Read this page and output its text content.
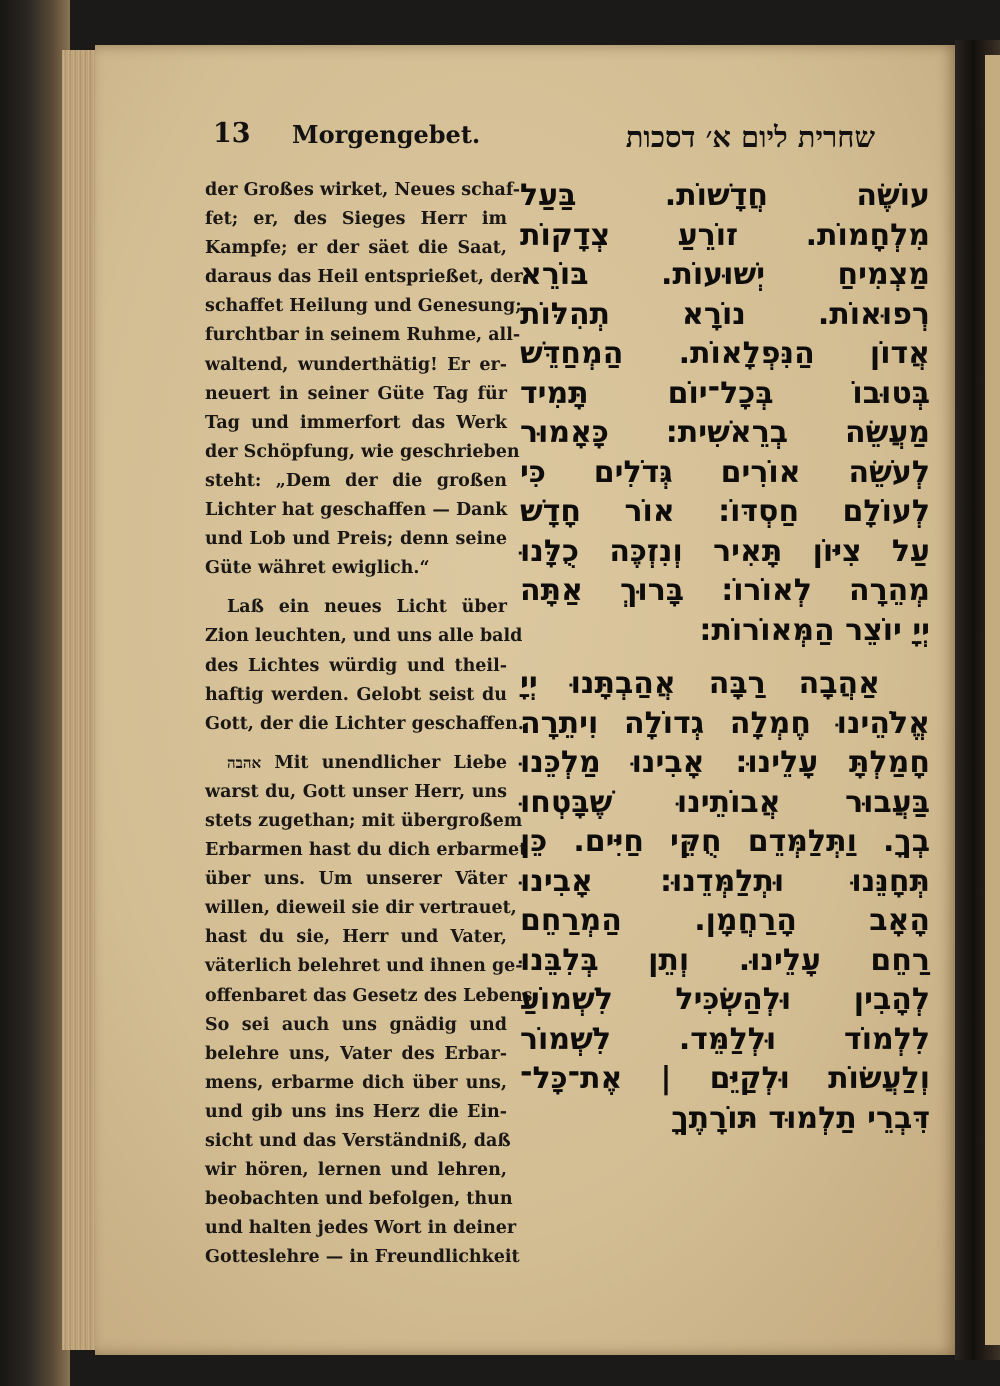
13 Morgengebet.	שחרית ליום א׳ דסכות
der Großes wirket, Neues schaf-
fet; er, des Sieges Herr im
Kampfe; er der säet die Saat,
daraus das Heil entsprießet, der
schaffet Heilung und Genesung;
furchtbar in seinem Ruhme, all-
waltend, wunderthätig! Er er-
neuert in seiner Güte Tag für
Tag und immerfort das Werk
der Schöpfung, wie geschrieben
steht: „Dem der die großen
Lichter hat geschaffen — Dank
und Lob und Preis; denn seine
Güte währet ewiglich.“
Laß ein neues Licht über
Zion leuchten, und uns alle bald
des Lichtes würdig und theil-
haftig werden. Gelobt seist du
Gott, der die Lichter geschaffen.
אהבה Mit unendlicher Liebe
warst du, Gott unser Herr, uns
stets zugethan; mit übergroßem
Erbarmen hast du dich erbarmet
über uns. Um unserer Väter
willen, dieweil sie dir vertrauet,
hast du sie, Herr und Vater,
väterlich belehret und ihnen ge-
offenbaret das Gesetz des Lebens.
So sei auch uns gnädig und
belehre uns, Vater des Erbar-
mens, erbarme dich über uns,
und gib uns ins Herz die Ein-
sicht und das Verständniß, daß
wir hören, lernen und lehren,
beobachten und befolgen, thun
und halten jedes Wort in deiner
Gotteslehre — in Freundlichkeit
עוֹשֶׂה חֲדָשׁוֹת. בַּעַל
מִלְחָמוֹת. זוֹרֵעַ צְדָקוֹת
מַצְמִיחַ יְשׁוּעוֹת. בּוֹרֵא
רְפוּאוֹת. נוֹרָא תְהִלּוֹת
אֲדוֹן הַנִּפְלָאוֹת. הַמְחַדֵּשׁ
בְּטוּבוֹ בְּכָל־יוֹם תָּמִיד
מַעֲשֵׂה בְרֵאשִׁית: כָּאָמוּר
לְעֹשֵׂה אוֹרִים גְּדֹלִים כִּי
לְעוֹלָם חַסְדּוֹ: אוֹר חָדָשׁ
עַל צִיּוֹן תָּאִיר וְנִזְכֶּה כֻלָּנוּ
מְהֵרָה לְאוֹרוֹ: בָּרוּךְ אַתָּה
יְיָ יוֹצֵר הַמְּאוֹרוֹת:
אַהֲבָה רַבָּה אֲהַבְתָּנוּ יְיָ
אֱלֹהֵינוּ חֶמְלָה גְדוֹלָה וִיתֵרָה
חָמַלְתָּ עָלֵינוּ: אָבִינוּ מַלְכֵּנוּ
בַּעֲבוּר אֲבוֹתֵינוּ שֶׁבָּטְחוּ
בְךָ. וַתְּלַמְּדֵם חֻקֵּי חַיִּים. כֵּן
תְּחָנֵּנוּ וּתְלַמְּדֵנוּ: אָבִינוּ
הָאָב הָרַחֲמָן. הַמְרַחֵם
רַחֵם עָלֵינוּ. וְתֵן בְּלִבֵּנוּ
לְהָבִין וּלְהַשְׂכִּיל לִשְׁמוֹעַ
לִלְמוֹד וּלְלַמֵּד. לִשְׁמוֹר
וְלַעֲשׂוֹת וּלְקַיֵּם | אֶת־כָּל־
דִּבְרֵי תַלְמוּד תּוֹרָתֶךָ
